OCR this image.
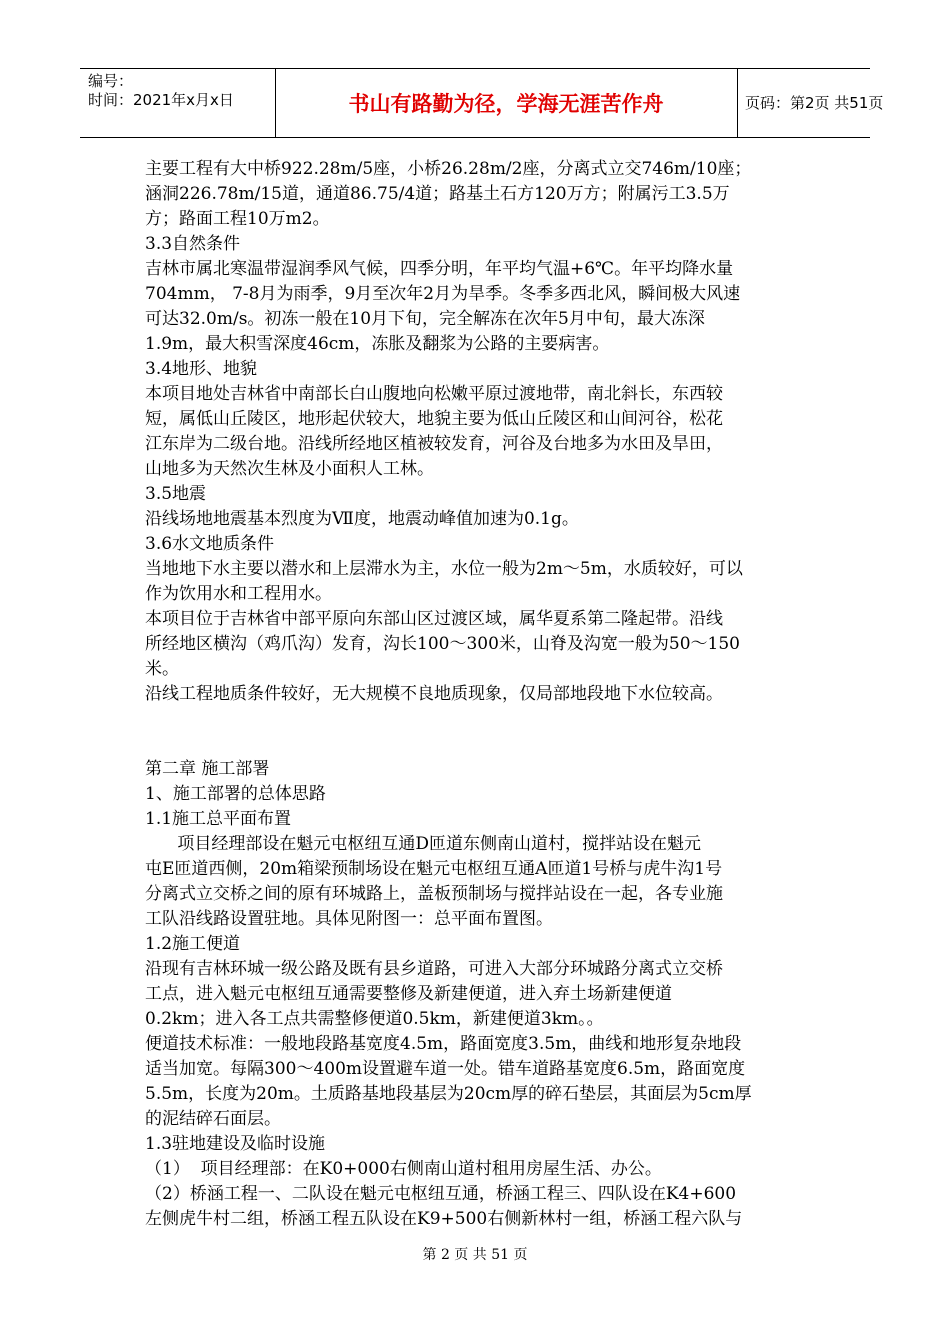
编号：
时间：2021年x月x日	书山有路勤为径，学海无涯苦作舟	页码：第2页 共51页
主要工程有大中桥922.28m/5座，小桥26.28m/2座，分离式立交746m/10座；
涵洞226.78m/15道，通道86.75/4道；路基土石方120万方；附属污工3.5万
方；路面工程10万m2。
3.3自然条件
吉林市属北寒温带湿润季风气候，四季分明，年平均气温+6℃。年平均降水量
704mm， 7-8月为雨季，9月至次年2月为旱季。冬季多西北风，瞬间极大风速
可达32.0m/s。初冻一般在10月下旬，完全解冻在次年5月中旬，最大冻深
1.9m，最大积雪深度46cm，冻胀及翻浆为公路的主要病害。
3.4地形、地貌
本项目地处吉林省中南部长白山腹地向松嫩平原过渡地带，南北斜长，东西较
短，属低山丘陵区，地形起伏较大，地貌主要为低山丘陵区和山间河谷，松花
江东岸为二级台地。沿线所经地区植被较发育，河谷及台地多为水田及旱田，
山地多为天然次生林及小面积人工林。
3.5地震
沿线场地地震基本烈度为Ⅶ度，地震动峰值加速为0.1g。
3.6水文地质条件
当地地下水主要以潜水和上层滞水为主，水位一般为2m～5m，水质较好，可以
作为饮用水和工程用水。
本项目位于吉林省中部平原向东部山区过渡区域，属华夏系第二隆起带。沿线
所经地区横沟（鸡爪沟）发育，沟长100～300米，山脊及沟宽一般为50～150
米。
沿线工程地质条件较好，无大规模不良地质现象，仅局部地段地下水位较高。
第二章 施工部署
1、施工部署的总体思路
1.1施工总平面布置
项目经理部设在魁元屯枢纽互通D匝道东侧南山道村，搅拌站设在魁元
屯E匝道西侧，20m箱梁预制场设在魁元屯枢纽互通A匝道1号桥与虎牛沟1号
分离式立交桥之间的原有环城路上，盖板预制场与搅拌站设在一起，各专业施
工队沿线路设置驻地。具体见附图一：总平面布置图。
1.2施工便道
沿现有吉林环城一级公路及既有县乡道路，可进入大部分环城路分离式立交桥
工点，进入魁元屯枢纽互通需要整修及新建便道，进入弃土场新建便道
0.2km；进入各工点共需整修便道0.5km，新建便道3km。。
便道技术标准：一般地段路基宽度4.5m，路面宽度3.5m，曲线和地形复杂地段
适当加宽。每隔300～400m设置避车道一处。错车道路基宽度6.5m，路面宽度
5.5m，长度为20m。土质路基地段基层为20cm厚的碎石垫层，其面层为5cm厚
的泥结碎石面层。
1.3驻地建设及临时设施
（1）  项目经理部：在K0+000右侧南山道村租用房屋生活、办公。
（2）桥涵工程一、二队设在魁元屯枢纽互通，桥涵工程三、四队设在K4+600
左侧虎牛村二组，桥涵工程五队设在K9+500右侧新林村一组，桥涵工程六队与
第 2 页 共 51 页
